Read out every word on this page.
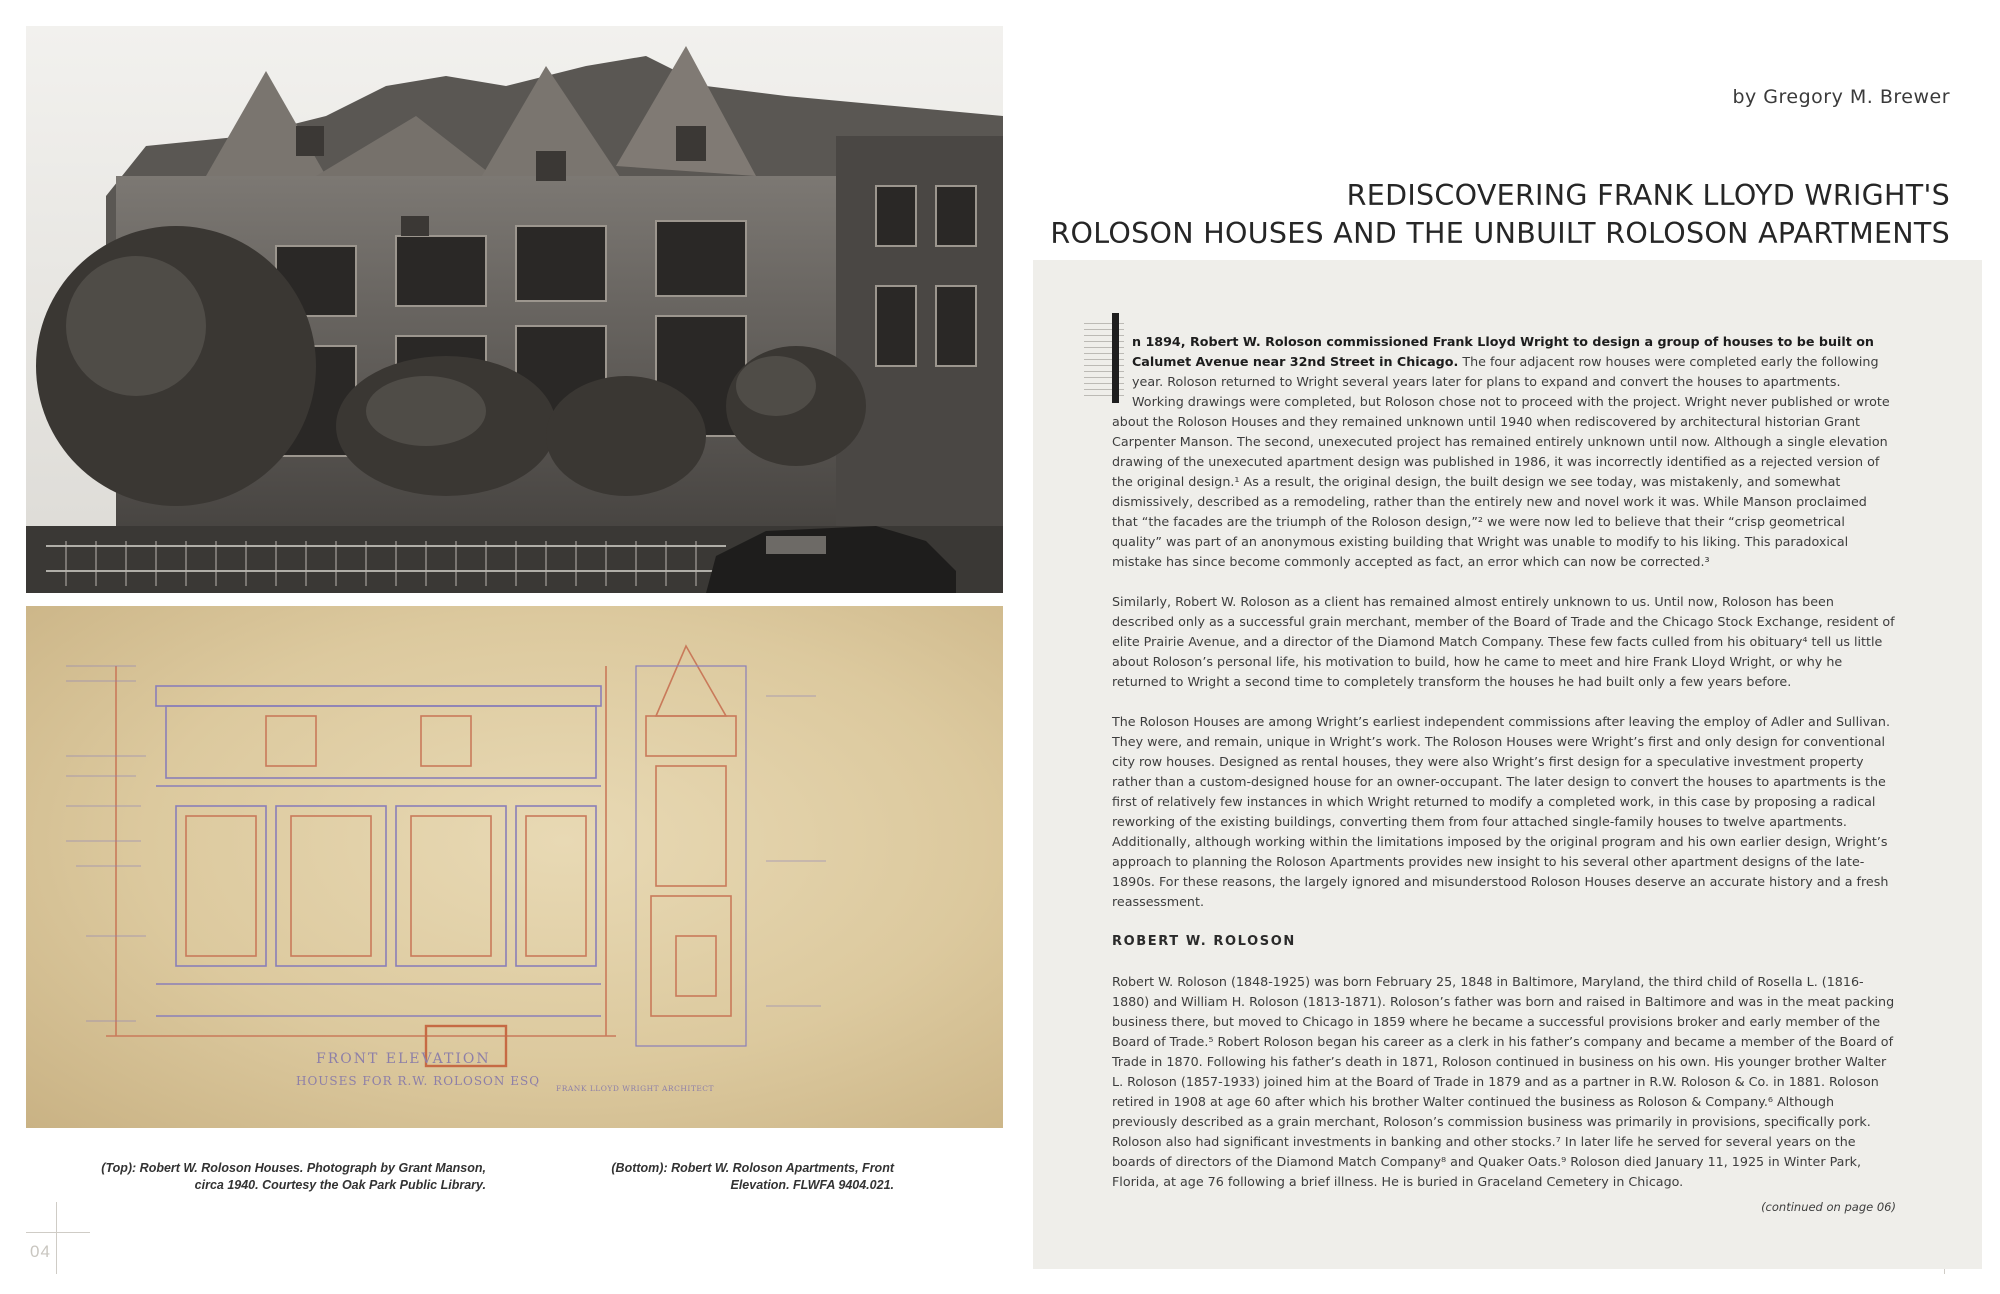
FRONT ELEVATION
HOUSES FOR R.W. ROLOSON ESQ
FRANK LLOYD WRIGHT ARCHITECT
(Top): Robert W. Roloson Houses. Photograph by Grant Manson, circa 1940. Courtesy the Oak Park Public Library.
(Bottom): Robert W. Roloson Apartments, Front Elevation. FLWFA 9404.021.
04
by Gregory M. Brewer
REDISCOVERING FRANK LLOYD WRIGHT'S
ROLOSON HOUSES AND THE UNBUILT ROLOSON APARTMENTS

n 1894, Robert W. Roloson commissioned Frank Lloyd Wright to design a group of houses to be built on Calumet Avenue near 32nd Street in Chicago. The four adjacent row houses were completed early the following year. Roloson returned to Wright several years later for plans to expand and convert the houses to apartments. Working drawings were completed, but Roloson chose not to proceed with the project. Wright never published or wrote
about the Roloson Houses and they remained unknown until 1940 when rediscovered by architectural historian Grant Carpenter Manson. The second, unexecuted project has remained entirely unknown until now. Although a single elevation drawing of the unexecuted apartment design was published in 1986, it was incorrectly identified as a rejected version of the original design.¹ As a result, the original design, the built design we see today, was mistakenly, and somewhat dismissively, described as a remodeling, rather than the entirely new and novel work it was. While Manson proclaimed that “the facades are the triumph of the Roloson design,”² we were now led to believe that their “crisp geometrical quality” was part of an anonymous existing building that Wright was unable to modify to his liking. This paradoxical mistake has since become commonly accepted as fact, an error which can now be corrected.³

Similarly, Robert W. Roloson as a client has remained almost entirely unknown to us. Until now, Roloson has been described only as a successful grain merchant, member of the Board of Trade and the Chicago Stock Exchange, resident of elite Prairie Avenue, and a director of the Diamond Match Company. These few facts culled from his obituary⁴ tell us little about Roloson’s personal life, his motivation to build, how he came to meet and hire Frank Lloyd Wright, or why he returned to Wright a second time to completely transform the houses he had built only a few years before.

The Roloson Houses are among Wright’s earliest independent commissions after leaving the employ of Adler and Sullivan. They were, and remain, unique in Wright’s work. The Roloson Houses were Wright’s first and only design for conventional city row houses. Designed as rental houses, they were also Wright’s first design for a speculative investment property rather than a custom-designed house for an owner-occupant. The later design to convert the houses to apartments is the first of relatively few instances in which Wright returned to modify a completed work, in this case by proposing a radical reworking of the existing buildings, converting them from four attached single-family houses to twelve apartments. Additionally, although working within the limitations imposed by the original program and his own earlier design, Wright’s approach to planning the Roloson Apartments provides new insight to his several other apartment designs of the late-1890s. For these reasons, the largely ignored and misunderstood Roloson Houses deserve an accurate history and a fresh reassessment.

ROBERT W. ROLOSON

Robert W. Roloson (1848-1925) was born February 25, 1848 in Baltimore, Maryland, the third child of Rosella L. (1816-1880) and William H. Roloson (1813-1871). Roloson’s father was born and raised in Baltimore and was in the meat packing business there, but moved to Chicago in 1859 where he became a successful provisions broker and early member of the Board of Trade.⁵ Robert Roloson began his career as a clerk in his father’s company and became a member of the Board of Trade in 1870. Following his father’s death in 1871, Roloson continued in business on his own. His younger brother Walter L. Roloson (1857-1933) joined him at the Board of Trade in 1879 and as a partner in R.W. Roloson & Co. in 1881. Roloson retired in 1908 at age 60 after which his brother Walter continued the business as Roloson & Company.⁶ Although previously described as a grain merchant, Roloson’s commission business was primarily in provisions, specifically pork. Roloson also had significant investments in banking and other stocks.⁷ In later life he served for several years on the boards of directors of the Diamond Match Company⁸ and Quaker Oats.⁹ Roloson died January 11, 1925 in Winter Park, Florida, at age 76 following a brief illness. He is buried in Graceland Cemetery in Chicago.

(continued on page 06)
